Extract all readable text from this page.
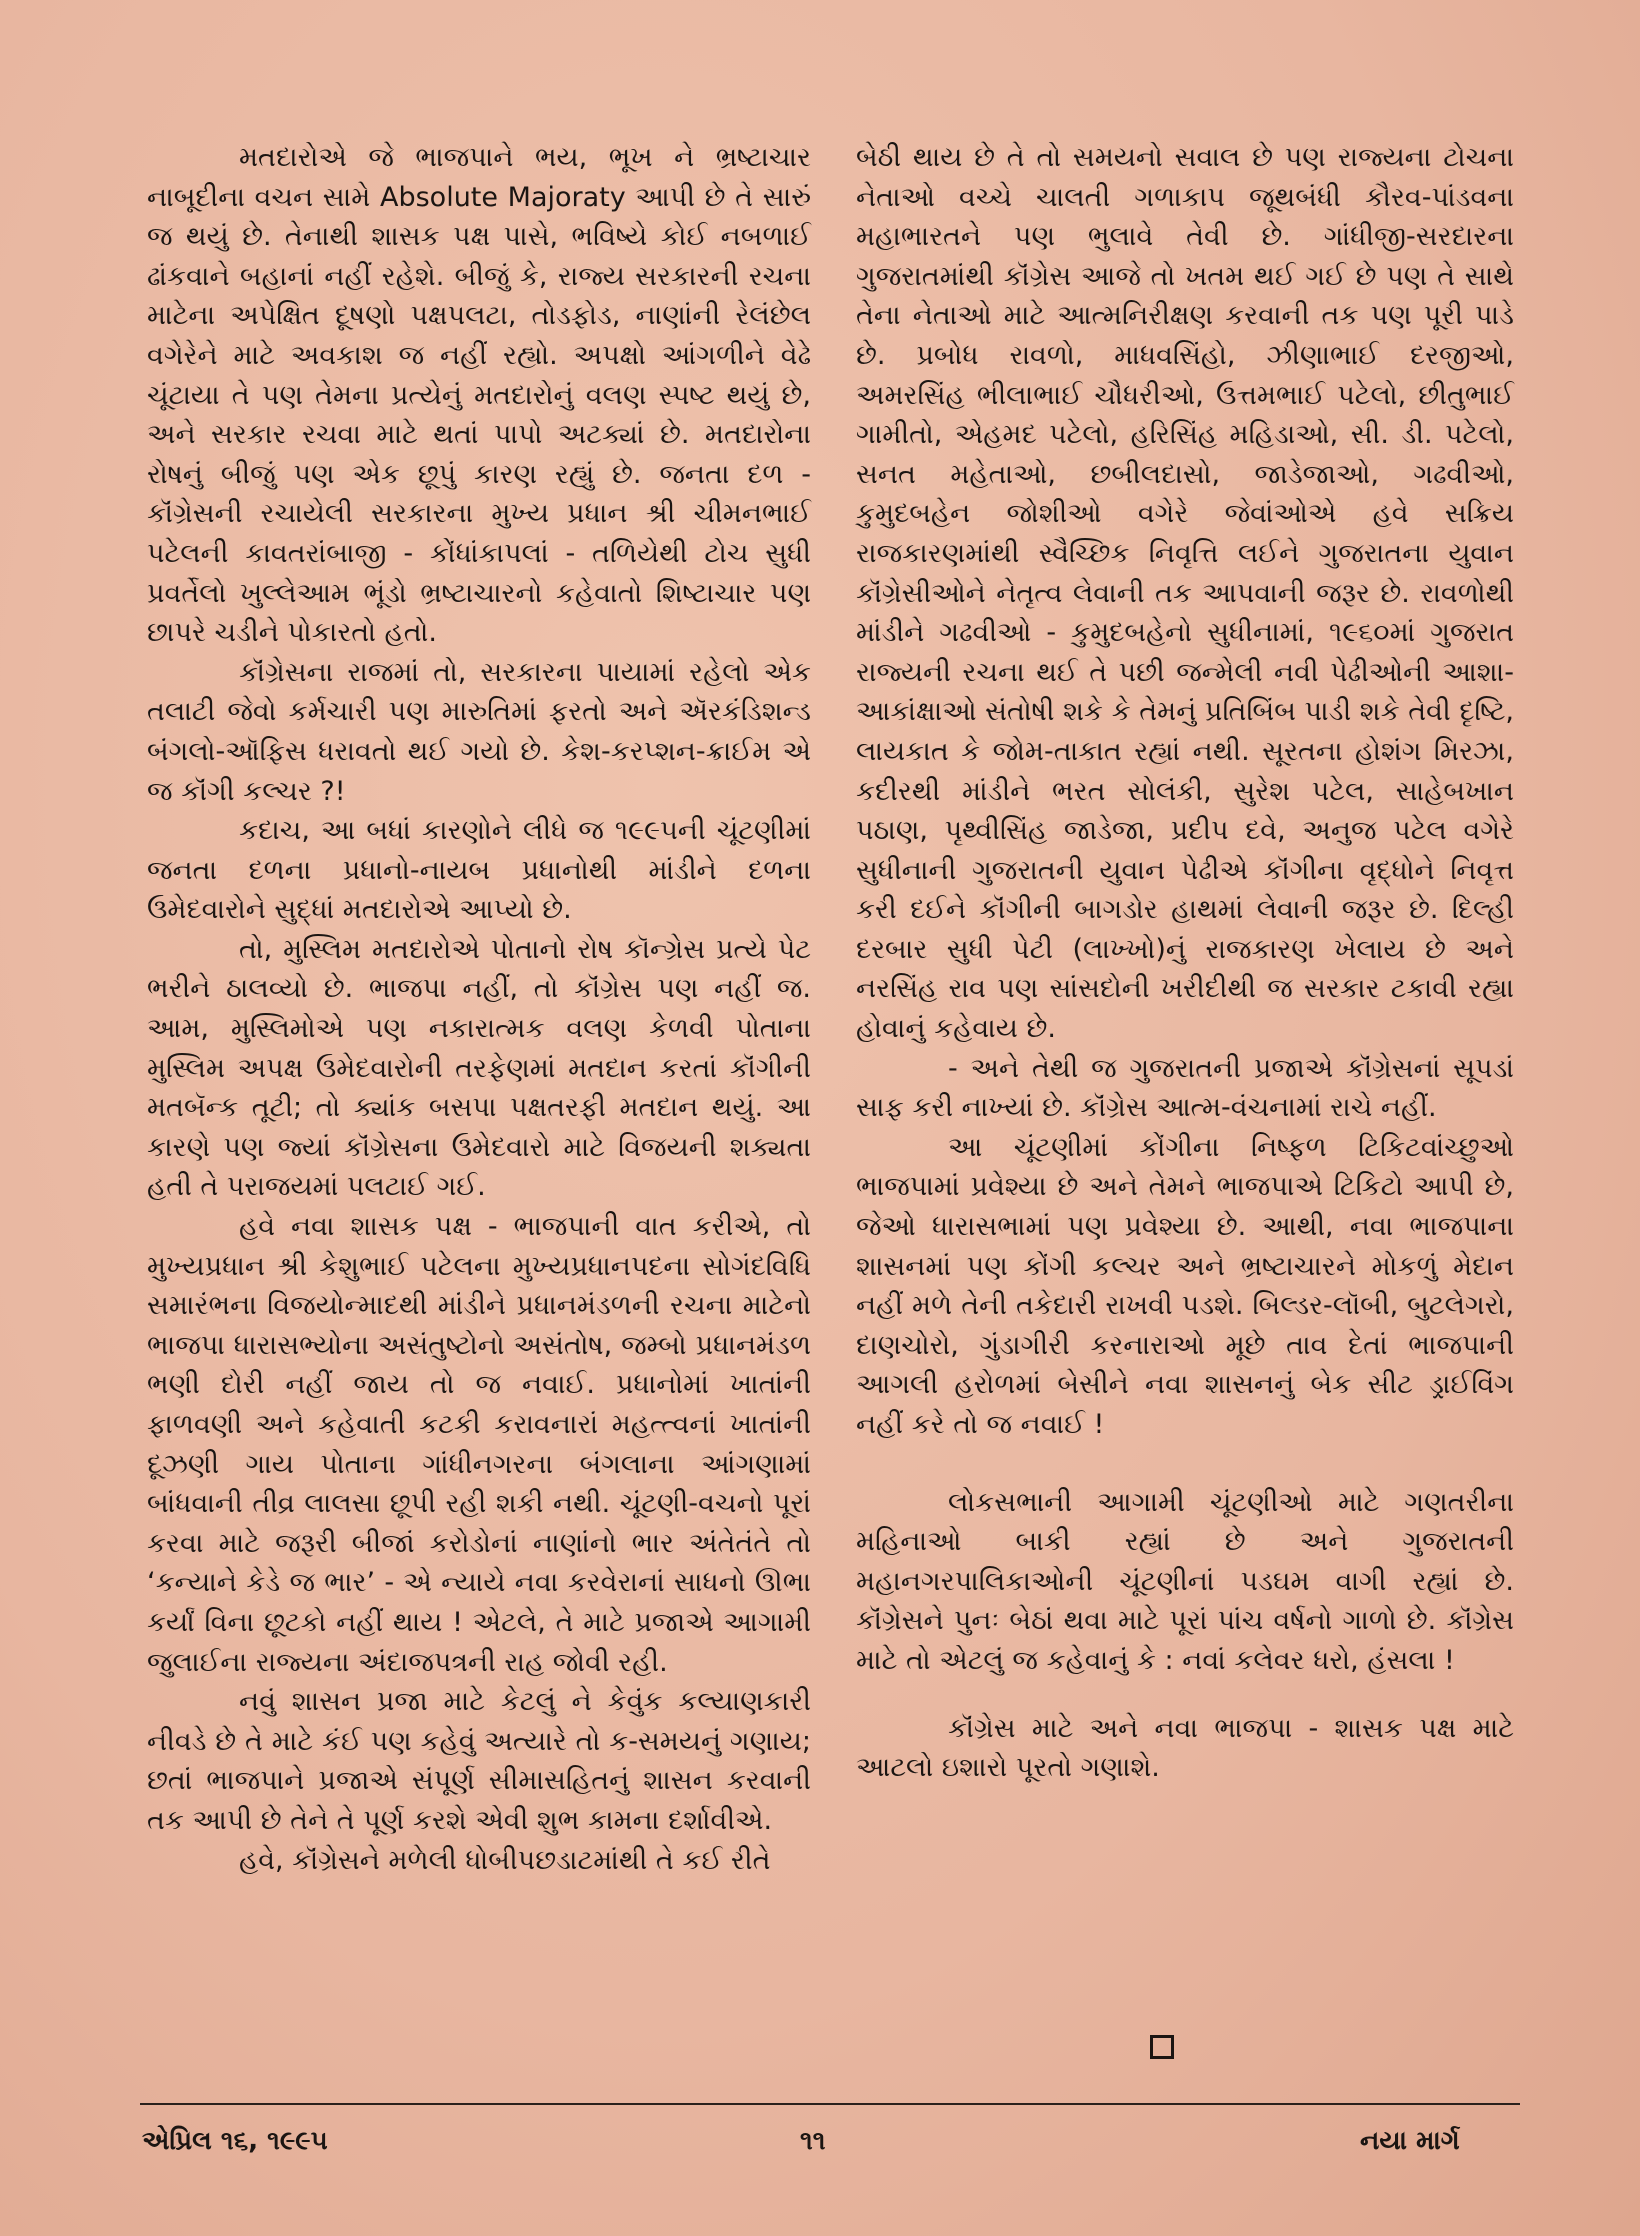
મતદારોએ જે ભાજપાને ભય, ભૂખ ને ભ્રષ્ટાચાર નાબૂદીના વચન સામે Absolute Majoraty આપી છે તે સારું જ થયું છે. તેનાથી શાસક પક્ષ પાસે, ભવિષ્યે કોઈ નબળાઈ ઢાંકવાને બહાનાં નહીં રહેશે. બીજું કે, રાજ્ય સરકારની રચના માટેના અપેક્ષિત દૂષણો પક્ષપલટા, તોડફોડ, નાણાંની રેલંછેલ વગેરેને માટે અવકાશ જ નહીં રહ્યો. અપક્ષો આંગળીને વેઢે ચૂંટાયા તે પણ તેમના પ્રત્યેનું મતદારોનું વલણ સ્પષ્ટ થયું છે, અને સરકાર રચવા માટે થતાં પાપો અટક્યાં છે. મતદારોના રોષનું બીજું પણ એક છૂપું કારણ રહ્યું છે. જનતા દળ - કૉંગ્રેસની રચાયેલી સરકારના મુખ્ય પ્રધાન શ્રી ચીમનભાઈ પટેલની કાવતરાંબાજી - કોંધાંકાપલાં - તળિયેથી ટોચ સુધી પ્રવર્તેલો ખુલ્લેઆમ ભૂંડો ભ્રષ્ટાચારનો કહેવાતો શિષ્ટાચાર પણ છાપરે ચડીને પોકારતો હતો.

કૉંગ્રેસના રાજમાં તો, સરકારના પાયામાં રહેલો એક તલાટી જેવો કર્મચારી પણ મારુતિમાં ફરતો અને ઍરકંડિશન્ડ બંગલો-ઑફિસ ધરાવતો થઈ ગયો છે. કેશ-કરપ્શન-ક્રાઈમ એ જ કૉંગી કલ્ચર ?!

કદાચ, આ બધાં કારણોને લીધે જ ૧૯૯૫ની ચૂંટણીમાં જનતા દળના પ્રધાનો-નાયબ પ્રધાનોથી માંડીને દળના ઉમેદવારોને સુદ્ધાં મતદારોએ આપ્યો છે.

તો, મુસ્લિમ મતદારોએ પોતાનો રોષ કૉન્ગ્રેસ પ્રત્યે પેટ ભરીને ઠાલવ્યો છે. ભાજપા નહીં, તો કૉંગ્રેસ પણ નહીં જ. આમ, મુસ્લિમોએ પણ નકારાત્મક વલણ કેળવી પોતાના મુસ્લિમ અપક્ષ ઉમેદવારોની તરફેણમાં મતદાન કરતાં કૉંગીની મતબૅન્ક તૂટી; તો ક્યાંક બસપા પક્ષતરફી મતદાન થયું. આ કારણે પણ જ્યાં કૉંગ્રેસના ઉમેદવારો માટે વિજયની શક્યતા હતી તે પરાજયમાં પલટાઈ ગઈ.

હવે નવા શાસક પક્ષ - ભાજપાની વાત કરીએ, તો મુખ્યપ્રધાન શ્રી કેશુભાઈ પટેલના મુખ્યપ્રધાનપદના સોગંદવિધિ સમારંભના વિજયોન્માદથી માંડીને પ્રધાનમંડળની રચના માટેનો ભાજપા ધારાસભ્યોના અસંતુષ્ટોનો અસંતોષ, જમ્બો પ્રધાનમંડળ ભણી દોરી નહીં જાય તો જ નવાઈ. પ્રધાનોમાં ખાતાંની ફાળવણી અને કહેવાતી કટકી કરાવનારાં મહત્ત્વનાં ખાતાંની દૂઝણી ગાય પોતાના ગાંધીનગરના બંગલાના આંગણામાં બાંધવાની તીવ્ર લાલસા છૂપી રહી શકી નથી. ચૂંટણી-વચનો પૂરાં કરવા માટે જરૂરી બીજાં કરોડોનાં નાણાંનો ભાર અંતેતંતે તો ‘કન્યાને કેડે જ ભાર’ - એ ન્યાયે નવા કરવેરાનાં સાધનો ઊભા કર્યાં વિના છૂટકો નહીં થાય ! એટલે, તે માટે પ્રજાએ આગામી જુલાઈના રાજ્યના અંદાજપત્રની રાહ જોવી રહી.

નવું શાસન પ્રજા માટે કેટલું ને કેવુંક કલ્યાણકારી નીવડે છે તે માટે કંઈ પણ કહેવું અત્યારે તો ક-સમયનું ગણાય; છતાં ભાજપાને પ્રજાએ સંપૂર્ણ સીમાસહિતનું શાસન કરવાની તક આપી છે તેને તે પૂર્ણ કરશે એવી શુભ કામના દર્શાવીએ.

હવે, કૉંગ્રેસને મળેલી ધોબીપછડાટમાંથી તે કઈ રીતે

બેઠી થાય છે તે તો સમયનો સવાલ છે પણ રાજ્યના ટોચના નેતાઓ વચ્ચે ચાલતી ગળાકાપ જૂથબંધી કૌરવ-પાંડવના મહાભારતને પણ ભુલાવે તેવી છે. ગાંધીજી-સરદારના ગુજરાતમાંથી કૉંગ્રેસ આજે તો ખતમ થઈ ગઈ છે પણ તે સાથે તેના નેતાઓ માટે આત્મનિરીક્ષણ કરવાની તક પણ પૂરી પાડે છે. પ્રબોધ રાવળો, માધવસિંહો, ઝીણાભાઈ દરજીઓ, અમરસિંહ ભીલાભાઈ ચૌધરીઓ, ઉત્તમભાઈ પટેલો, છીતુભાઈ ગામીતો, એહમદ પટેલો, હરિસિંહ મહિડાઓ, સી. ડી. પટેલો, સનત મહેતાઓ, છબીલદાસો, જાડેજાઓ, ગઢવીઓ, કુમુદબહેન જોશીઓ વગેરે જેવાંઓએ હવે સક્રિય રાજકારણમાંથી સ્વૈચ્છિક નિવૃત્તિ લઈને ગુજરાતના યુવાન કૉંગ્રેસીઓને નેતૃત્વ લેવાની તક આપવાની જરૂર છે. રાવળોથી માંડીને ગઢવીઓ - કુમુદબહેનો સુધીનામાં, ૧૯૬૦માં ગુજરાત રાજ્યની રચના થઈ તે પછી જન્મેલી નવી પેઢીઓની આશા-આકાંક્ષાઓ સંતોષી શકે કે તેમનું પ્રતિબિંબ પાડી શકે તેવી દૃષ્ટિ, લાયકાત કે જોમ-તાકાત રહ્યાં નથી. સૂરતના હોશંગ મિરઝા, કદીરથી માંડીને ભરત સોલંકી, સુરેશ પટેલ, સાહેબખાન પઠાણ, પૃથ્વીસિંહ જાડેજા, પ્રદીપ દવે, અનુજ પટેલ વગેરે સુધીનાની ગુજરાતની યુવાન પેઢીએ કૉંગીના વૃદ્ધોને નિવૃત્ત કરી દઈને કૉંગીની બાગડોર હાથમાં લેવાની જરૂર છે. દિલ્હી દરબાર સુધી પેટી (લાખ્ખો)નું રાજકારણ ખેલાય છે અને નરસિંહ રાવ પણ સાંસદોની ખરીદીથી જ સરકાર ટકાવી રહ્યા હોવાનું કહેવાય છે.

- અને તેથી જ ગુજરાતની પ્રજાએ કૉંગ્રેસનાં સૂપડાં સાફ કરી નાખ્યાં છે. કૉંગ્રેસ આત્મ-વંચનામાં રાચે નહીં.

આ ચૂંટણીમાં કોંગીના નિષ્ફળ ટિકિટવાંચ્છુઓ ભાજપામાં પ્રવેશ્યા છે અને તેમને ભાજપાએ ટિકિટો આપી છે, જેઓ ધારાસભામાં પણ પ્રવેશ્યા છે. આથી, નવા ભાજપાના શાસનમાં પણ કોંગી કલ્ચર અને ભ્રષ્ટાચારને મોકળું મેદાન નહીં મળે તેની તકેદારી રાખવી પડશે. બિલ્ડર-લૉબી, બુટલેગરો, દાણચોરો, ગુંડાગીરી કરનારાઓ મૂછે તાવ દેતાં ભાજપાની આગલી હરોળમાં બેસીને નવા શાસનનું બેક સીટ ડ્રાઈવિંગ નહીં કરે તો જ નવાઈ !

લોકસભાની આગામી ચૂંટણીઓ માટે ગણતરીના મહિનાઓ બાકી રહ્યાં છે અને ગુજરાતની મહાનગરપાલિકાઓની ચૂંટણીનાં પડઘમ વાગી રહ્યાં છે. કૉંગ્રેસને પુનઃ બેઠાં થવા માટે પૂરાં પાંચ વર્ષનો ગાળો છે. કૉંગ્રેસ માટે તો એટલું જ કહેવાનું કે : નવાં કલેવર ધરો, હંસલા !

કૉંગ્રેસ માટે અને નવા ભાજપા - શાસક પક્ષ માટે આટલો ઇશારો પૂરતો ગણાશે.

એપ્રિલ ૧૬, ૧૯૯૫	૧૧	નયા માર્ગ
